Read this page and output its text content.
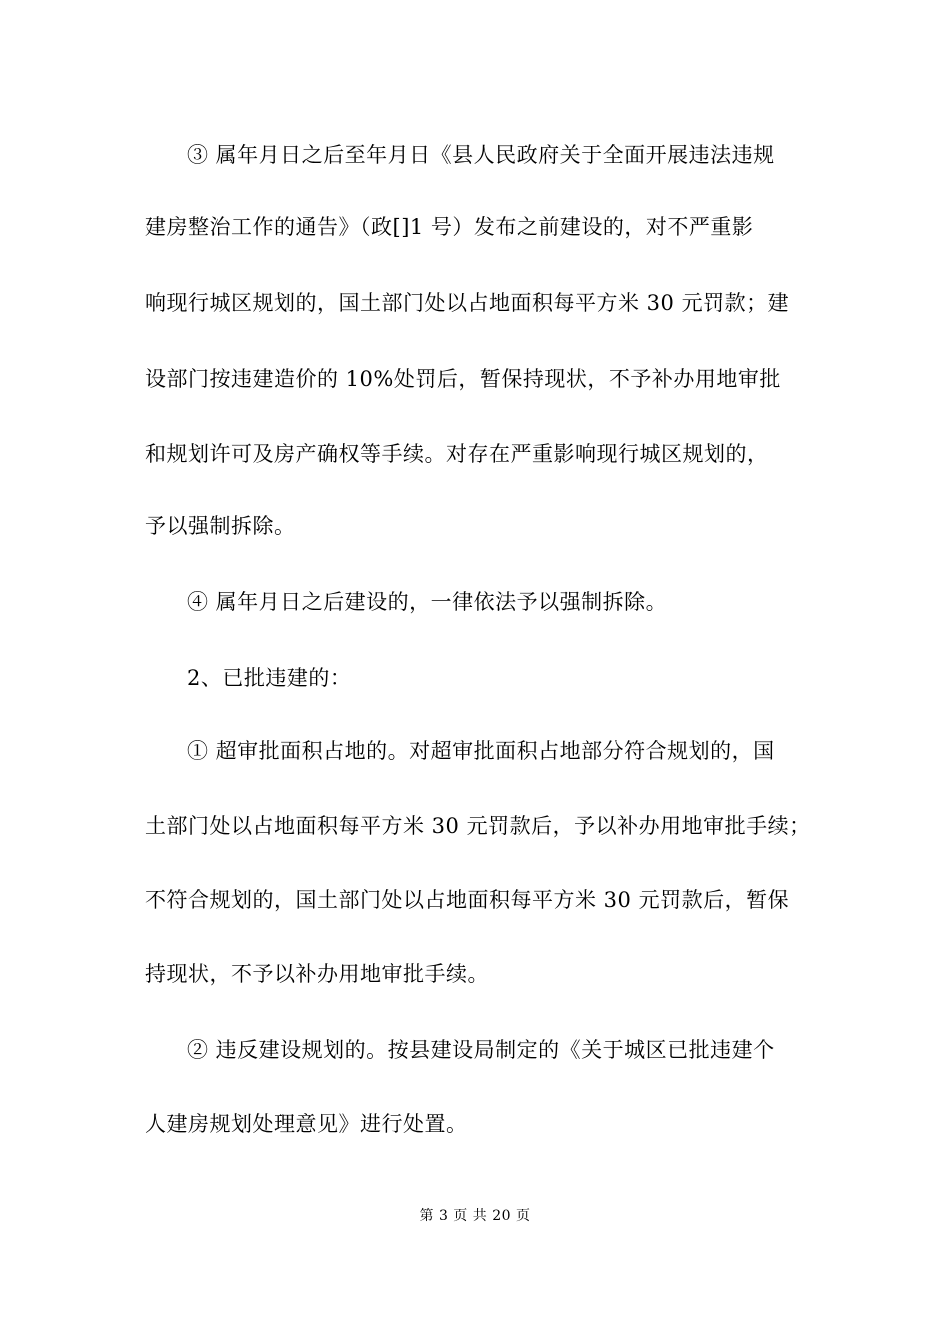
③ 属年月日之后至年月日《县人民政府关于全面开展违法违规
建房整治工作的通告》（政[]1 号）发布之前建设的，对不严重影
响现行城区规划的，国土部门处以占地面积每平方米 30 元罚款；建
设部门按违建造价的 10%处罚后，暂保持现状，不予补办用地审批
和规划许可及房产确权等手续。对存在严重影响现行城区规划的，
予以强制拆除。
④ 属年月日之后建设的，一律依法予以强制拆除。
2、已批违建的：
① 超审批面积占地的。对超审批面积占地部分符合规划的，国
土部门处以占地面积每平方米 30 元罚款后，予以补办用地审批手续；
不符合规划的，国土部门处以占地面积每平方米 30 元罚款后，暂保
持现状，不予以补办用地审批手续。
② 违反建设规划的。按县建设局制定的《关于城区已批违建个
人建房规划处理意见》进行处置。
第 3 页 共 20 页
